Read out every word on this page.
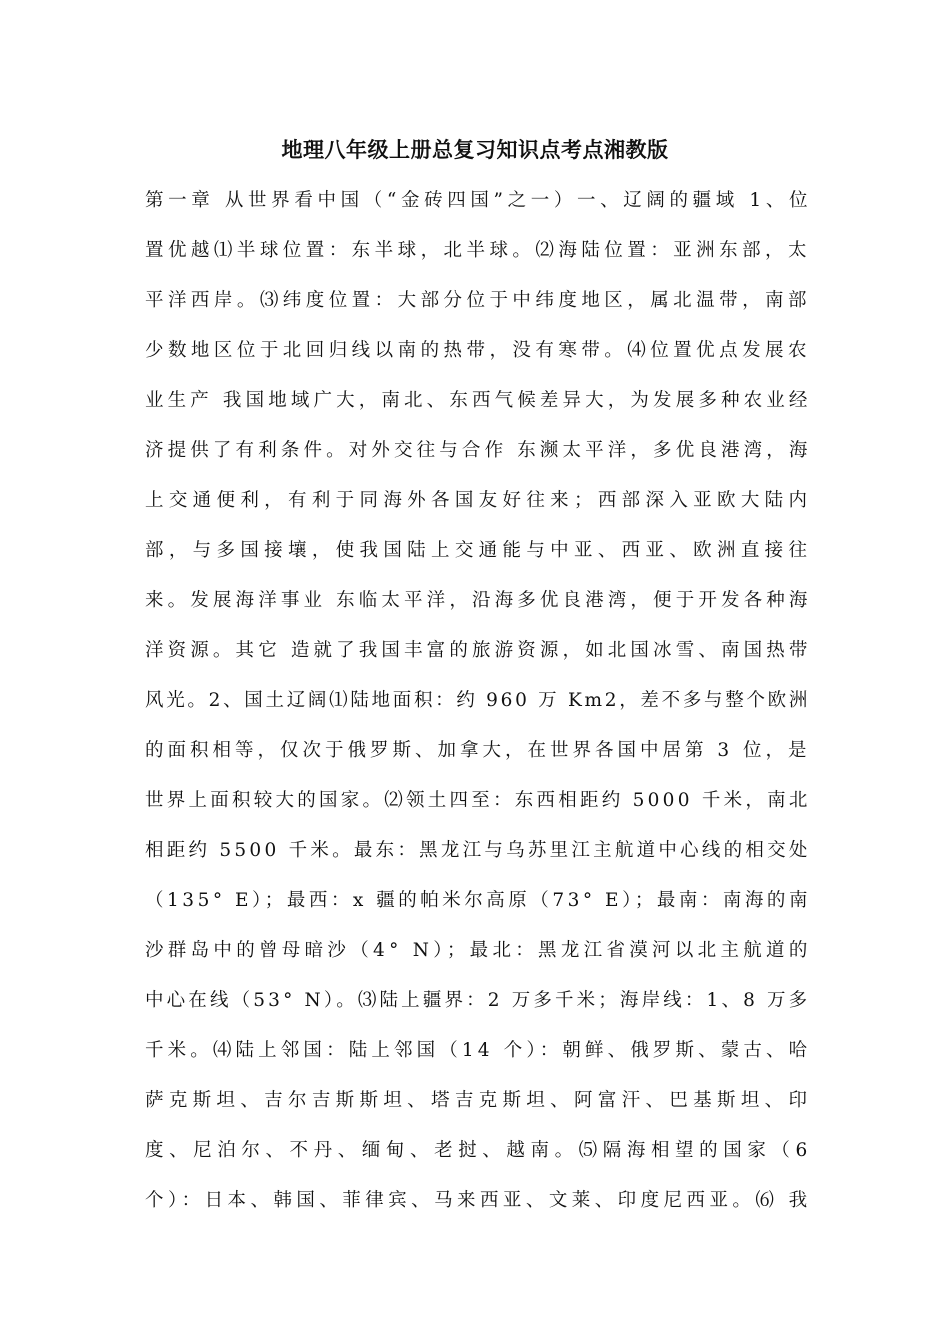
地理八年级上册总复习知识点考点湘教版
第一章 从世界看中国（“金砖四国”之一）一、辽阔的疆域 1、位
置优越⑴半球位置：东半球，北半球。⑵海陆位置：亚洲东部，太
平洋西岸。⑶纬度位置：大部分位于中纬度地区，属北温带，南部
少数地区位于北回归线以南的热带，没有寒带。⑷位置优点发展农
业生产 我国地域广大，南北、东西气候差异大，为发展多种农业经
济提供了有利条件。对外交往与合作 东濒太平洋，多优良港湾，海
上交通便利，有利于同海外各国友好往来；西部深入亚欧大陆内
部，与多国接壤，使我国陆上交通能与中亚、西亚、欧洲直接往
来。发展海洋事业 东临太平洋，沿海多优良港湾，便于开发各种海
洋资源。其它 造就了我国丰富的旅游资源，如北国冰雪、南国热带
风光。2、国土辽阔⑴陆地面积：约 960 万 Km2，差不多与整个欧洲
的面积相等，仅次于俄罗斯、加拿大，在世界各国中居第 3 位，是
世界上面积较大的国家。⑵领土四至：东西相距约 5000 千米，南北
相距约 5500 千米。最东：黑龙江与乌苏里江主航道中心线的相交处
（135° E）；最西：x 疆的帕米尔高原（73° E）；最南：南海的南
沙群岛中的曾母暗沙（4° N）；最北：黑龙江省漠河以北主航道的
中心在线（53° N）。⑶陆上疆界：2 万多千米；海岸线：1、8 万多
千米。⑷陆上邻国：陆上邻国（14 个）：朝鲜、俄罗斯、蒙古、哈
萨克斯坦、吉尔吉斯斯坦、塔吉克斯坦、阿富汗、巴基斯坦、印
度、尼泊尔、不丹、缅甸、老挝、越南。⑸隔海相望的国家（6
个）：日本、韩国、菲律宾、马来西亚、文莱、印度尼西亚。⑹ 我
